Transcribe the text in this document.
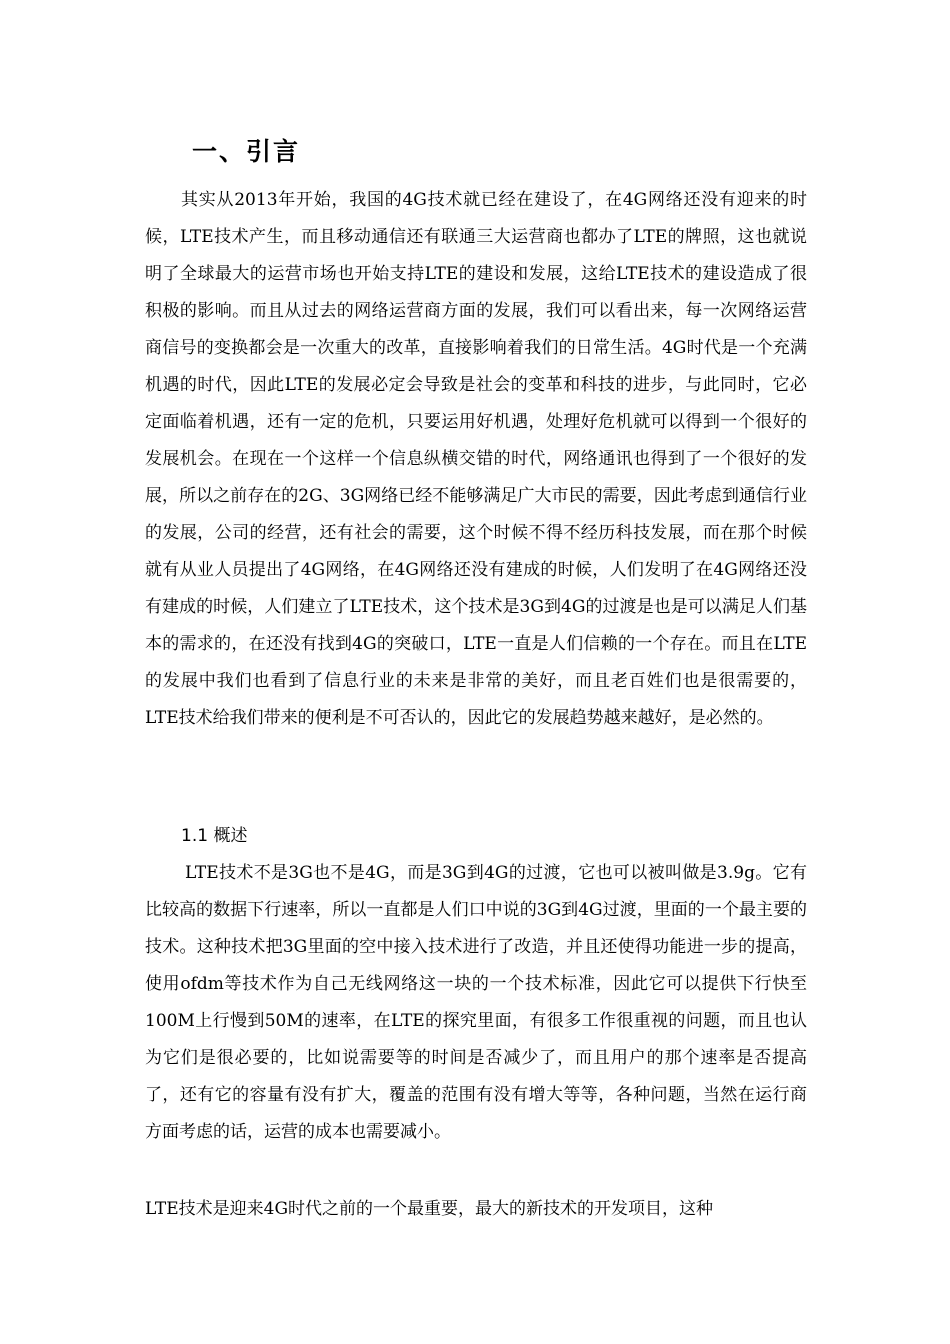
一、引言

其实从2013年开始，我国的4G技术就已经在建设了，在4G网络还没有迎来的时候，LTE技术产生，而且移动通信还有联通三大运营商也都办了LTE的牌照，这也就说明了全球最大的运营市场也开始支持LTE的建设和发展，这给LTE技术的建设造成了很积极的影响。而且从过去的网络运营商方面的发展，我们可以看出来，每一次网络运营商信号的变换都会是一次重大的改革，直接影响着我们的日常生活。4G时代是一个充满机遇的时代，因此LTE的发展必定会导致是社会的变革和科技的进步，与此同时，它必定面临着机遇，还有一定的危机，只要运用好机遇，处理好危机就可以得到一个很好的发展机会。在现在一个这样一个信息纵横交错的时代，网络通讯也得到了一个很好的发展，所以之前存在的2G、3G网络已经不能够满足广大市民的需要，因此考虑到通信行业的发展，公司的经营，还有社会的需要，这个时候不得不经历科技发展，而在那个时候就有从业人员提出了4G网络，在4G网络还没有建成的时候，人们发明了在4G网络还没有建成的时候，人们建立了LTE技术，这个技术是3G到4G的过渡是也是可以满足人们基本的需求的，在还没有找到4G的突破口，LTE一直是人们信赖的一个存在。而且在LTE的发展中我们也看到了信息行业的未来是非常的美好，而且老百姓们也是很需要的，LTE技术给我们带来的便利是不可否认的，因此它的发展趋势越来越好，是必然的。

1.1 概述

LTE技术不是3G也不是4G，而是3G到4G的过渡，它也可以被叫做是3.9g。它有比较高的数据下行速率，所以一直都是人们口中说的3G到4G过渡，里面的一个最主要的技术。这种技术把3G里面的空中接入技术进行了改造，并且还使得功能进一步的提高，使用ofdm等技术作为自己无线网络这一块的一个技术标准，因此它可以提供下行快至100M上行慢到50M的速率，在LTE的探究里面，有很多工作很重视的问题，而且也认为它们是很必要的，比如说需要等的时间是否减少了，而且用户的那个速率是否提高了，还有它的容量有没有扩大，覆盖的范围有没有增大等等，各种问题，当然在运行商方面考虑的话，运营的成本也需要减小。

LTE技术是迎来4G时代之前的一个最重要，最大的新技术的开发项目，这种
